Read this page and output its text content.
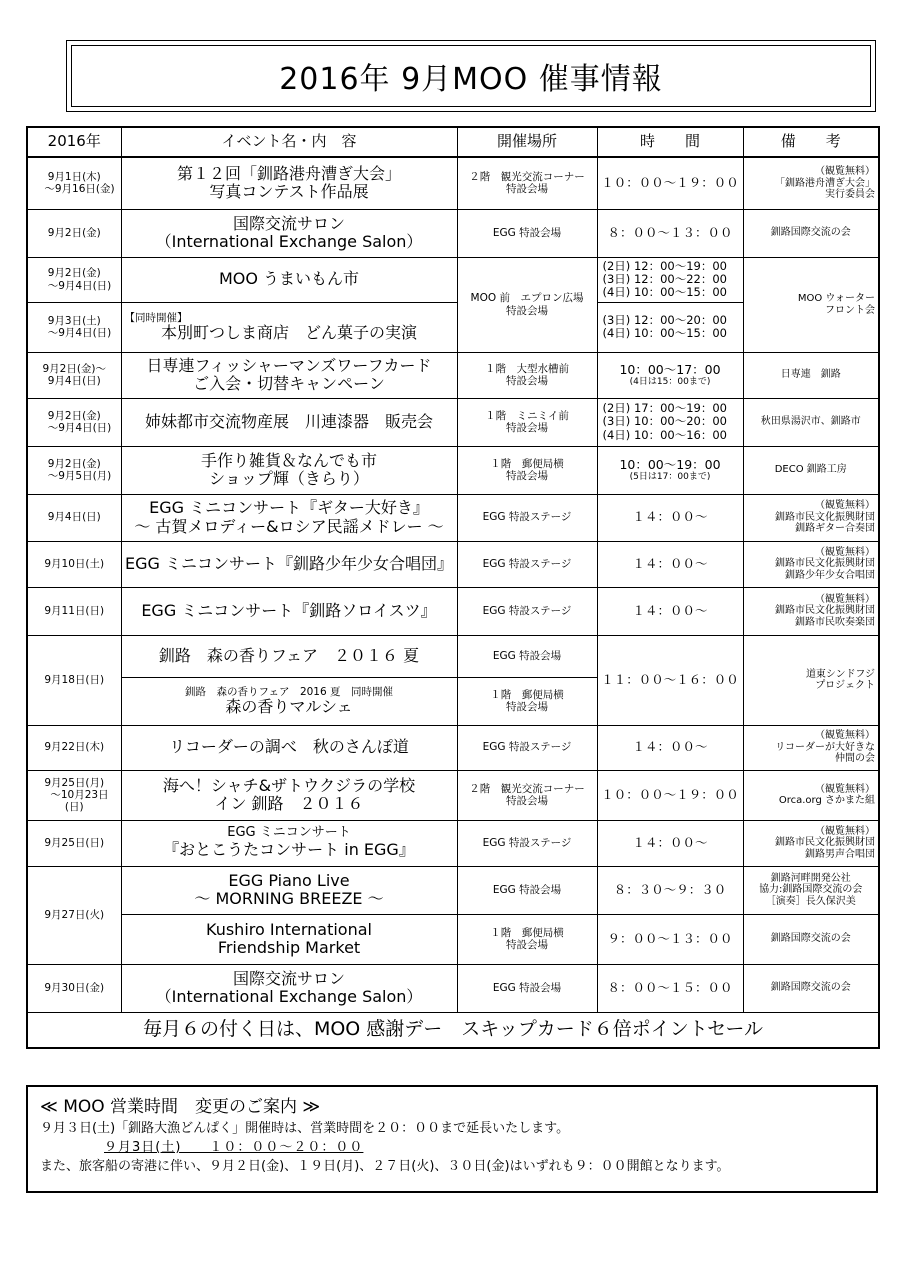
2016年 9月MOO 催事情報
2016年	イベント名・内　容	開催場所	時　　間	備　　考
9月1日(木)
　～9月16日(金)	第１２回「釧路港舟漕ぎ大会」
写真コンテスト作品展	２階　観光交流コーナー
特設会場	１０：００～１９：００	（観覧無料）
「釧路港舟漕ぎ大会」
実行委員会
9月2日(金)	国際交流サロン
（International Exchange Salon）	EGG 特設会場	８：００～１３：００	釧路国際交流の会
9月2日(金)
　～9月4日(日)	MOO うまいもん市	MOO 前　エプロン広場
特設会場	(2日) 12：00～19：00
(3日) 12：00～22：00
(4日) 10：00～15：00	MOO ウォーター
フロント会
9月3日(土)
　～9月4日(日)	【同時開催】
本別町つしま商店　どん菓子の実演		(3日) 12：00～20：00
(4日) 10：00～15：00	

9月2日(金)～
9月4日(日)	日専連フィッシャーマンズワーフカード
ご入会・切替キャンペーン	１階　大型水槽前
特設会場	10：00～17：00
(4日は15：00まで)	日専連　釧路
9月2日(金)
　～9月4日(日)	姉妹都市交流物産展　川連漆器　販売会	１階　ミニミイ前
特設会場	(2日) 17：00～19：00
(3日) 10：00～20：00
(4日) 10：00～16：00	秋田県湯沢市、釧路市
9月2日(金)
　～9月5日(月)	手作り雑貨＆なんでも市
ショップ輝（きらり）	１階　郵便局横
特設会場	10：00～19：00
(5日は17：00まで)	DECO 釧路工房
9月4日(日)	EGG ミニコンサート『ギター大好き』
～ 古賀メロディー&ロシア民謡メドレー ～	EGG 特設ステージ	１４：００～	（観覧無料）
釧路市民文化振興財団
釧路ギター合奏団
9月10日(土)	EGG ミニコンサート『釧路少年少女合唱団』	EGG 特設ステージ	１４：００～	（観覧無料）
釧路市民文化振興財団
釧路少年少女合唱団
9月11日(日)	EGG ミニコンサート『釧路ソロイスツ』	EGG 特設ステージ	１４：００～	（観覧無料）
釧路市民文化振興財団
釧路市民吹奏楽団
9月18日(日)	釧路　森の香りフェア　２０１６ 夏	EGG 特設会場	１１：００～１６：００	道東シンドフジ
プロジェクト

	釧路　森の香りフェア　2016 夏　同時開催
森の香りマルシェ	１階　郵便局横
特設会場		
9月22日(木)	リコーダーの調べ　秋のさんぽ道	EGG 特設ステージ	１４：００～	（観覧無料）
リコーダーが大好きな
仲間の会
9月25日(月)
　～10月23日(日)	海へ！シャチ&ザトウクジラの学校
イン 釧路　２０１６	２階　観光交流コーナー
特設会場	１０：００～１９：００	（観覧無料）
Orca.org さかまた組
9月25日(日)	EGG ミニコンサート
『おとこうたコンサート in EGG』	EGG 特設ステージ	１４：００～	（観覧無料）
釧路市民文化振興財団
釧路男声合唱団
9月27日(火)	EGG Piano Live
～ MORNING BREEZE ～	EGG 特設会場	８：３０～９：３０	釧路河畔開発公社
協力:釧路国際交流の会
［演奏］長久保沢美
	Kushiro International
Friendship Market	１階　郵便局横
特設会場	９：００～１３：００	釧路国際交流の会
9月30日(金)	国際交流サロン
（International Exchange Salon）	EGG 特設会場	８：００～１５：００	釧路国際交流の会
毎月６の付く日は、MOO 感謝デー　スキップカード６倍ポイントセール				
≪ MOO 営業時間　変更のご案内 ≫
９月３日(土)「釧路大漁どんぱく」開催時は、営業時間を２０：００まで延長いたします。
９月3日(土)　　１０：００～２０：００
また、旅客船の寄港に伴い、９月２日(金)、１９日(月)、２７日(火)、３０日(金)はいずれも９：００開館となります。
